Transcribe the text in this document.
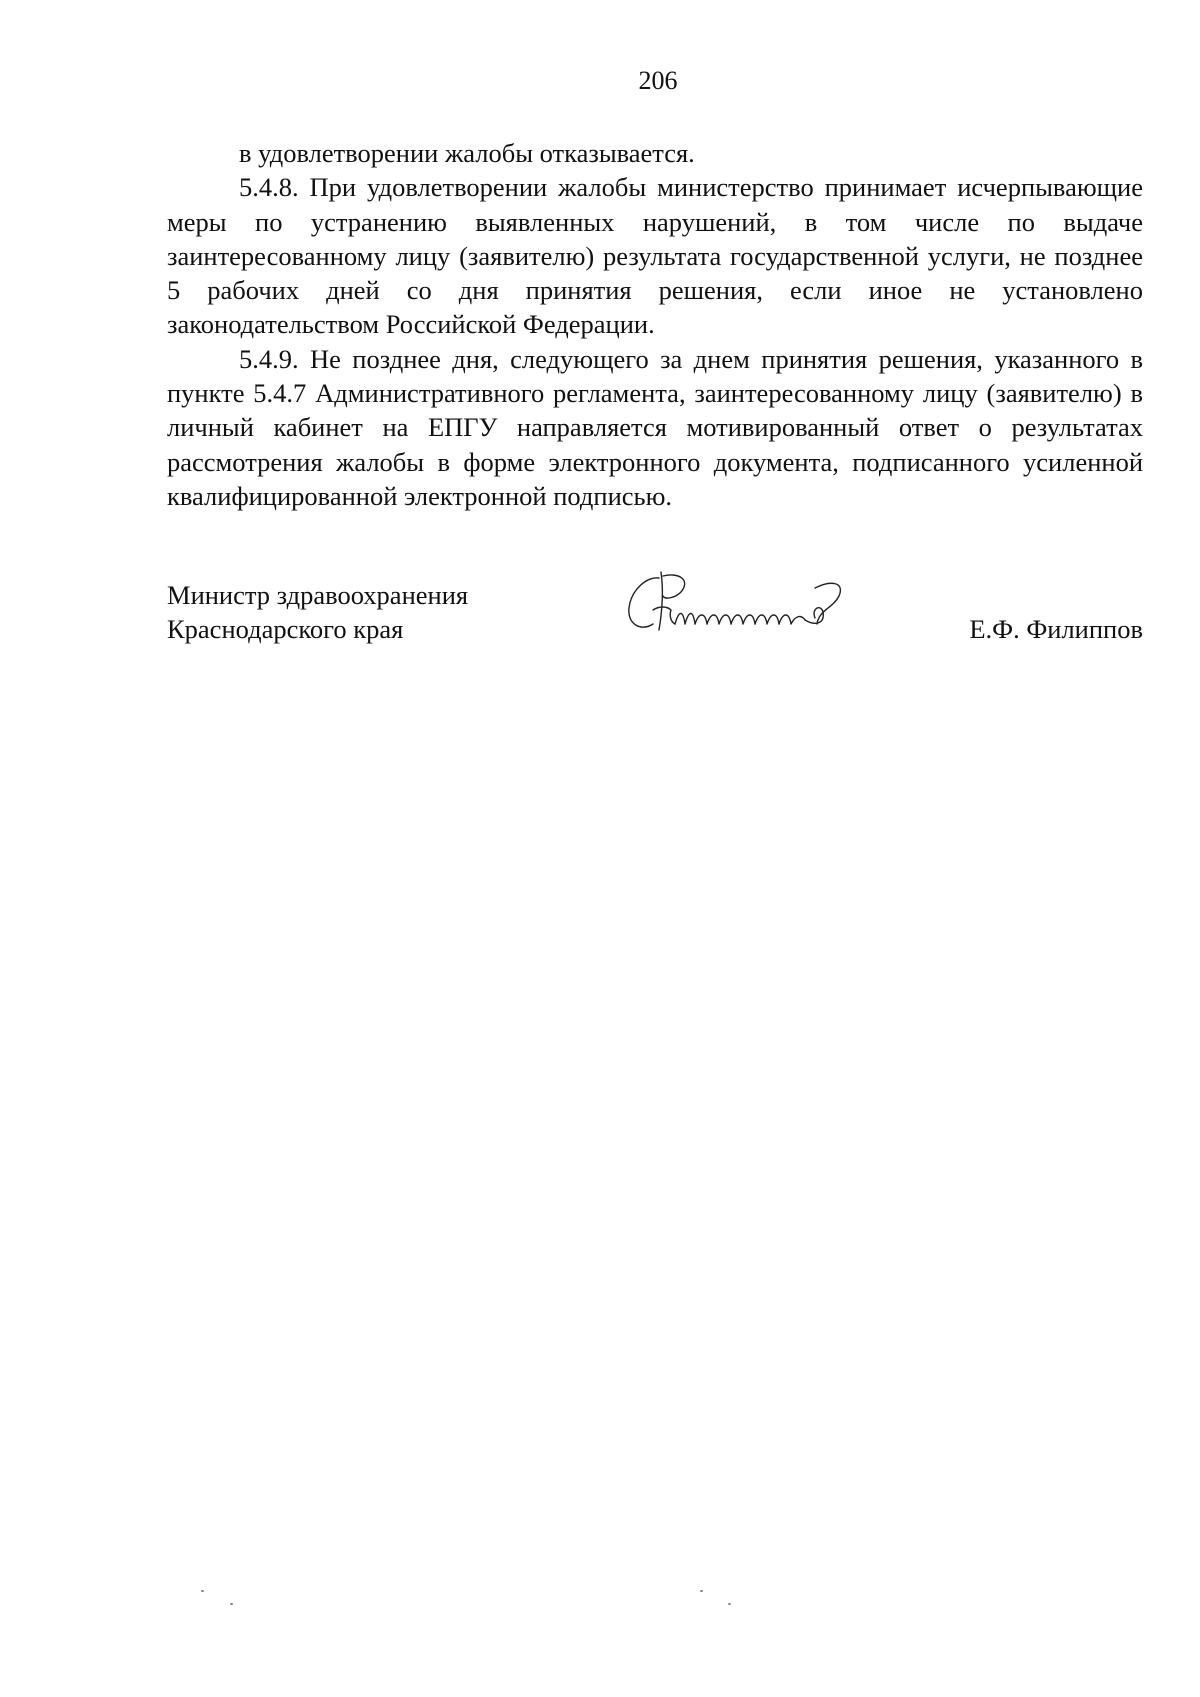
206

в удовлетворении жалобы отказывается.

5.4.8. При удовлетворении жалобы министерство принимает исчерпывающие меры по устранению выявленных нарушений, в том числе по выдаче заинтересованному лицу (заявителю) результата государственной услуги, не позднее 5 рабочих дней со дня принятия решения, если иное не установлено законодательством Российской Федерации.

5.4.9. Не позднее дня, следующего за днем принятия решения, указанного в пункте 5.4.7 Административного регламента, заинтересованному лицу (заявителю) в личный кабинет на ЕПГУ направляется мотивированный ответ о результатах рассмотрения жалобы в форме электронного документа, подписанного усиленной квалифицированной электронной подписью.

Министр здравоохранения
Краснодарского края	Е.Ф. Филиппов
